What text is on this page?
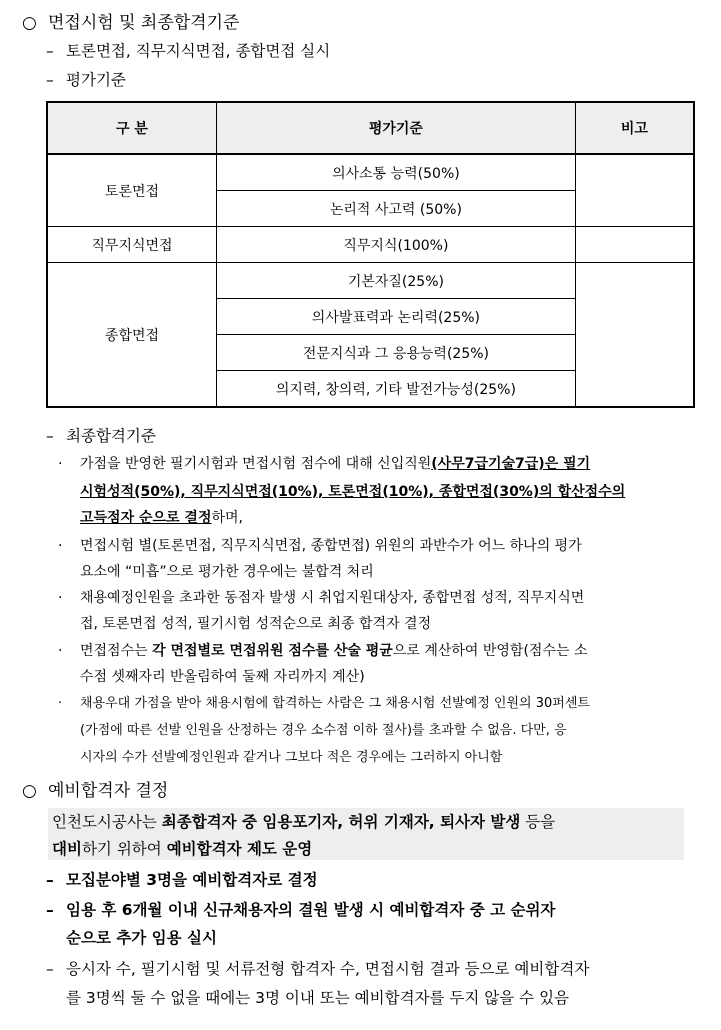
○ 면접시험 및 최종합격기준
– 토론면접, 직무지식면접, 종합면접 실시
– 평가기준
구 분	평가기준	비고
토론면접	의사소통 능력(50%)	
	논리적 사고력 (50%)	
직무지식면접	직무지식(100%)	
종합면접	기본자질(25%)	
	의사발표력과 논리력(25%)	
	전문지식과 그 응용능력(25%)	
	의지력, 창의력, 기타 발전가능성(25%)	
– 최종합격기준
· 가점을 반영한 필기시험과 면접시험 점수에 대해 신입직원(사무7급기술7급)은 필기
시험성적(50%), 직무지식면접(10%), 토론면접(10%), 종합면접(30%)의 합산점수의
고득점자 순으로 결정하며,
· 면접시험 별(토론면접, 직무지식면접, 종합면접) 위원의 과반수가 어느 하나의 평가
요소에 “미흡”으로 평가한 경우에는 불합격 처리
· 채용예정인원을 초과한 동점자 발생 시 취업지원대상자, 종합면접 성적, 직무지식면
접, 토론면접 성적, 필기시험 성적순으로 최종 합격자 결정
· 면접점수는 각 면접별로 면접위원 점수를 산술 평균으로 계산하여 반영함(점수는 소
수점 셋째자리 반올림하여 둘째 자리까지 계산)
· 채용우대 가점을 받아 채용시험에 합격하는 사람은 그 채용시험 선발예정 인원의 30퍼센트
(가점에 따른 선발 인원을 산정하는 경우 소수점 이하 절사)를 초과할 수 없음. 다만, 응
시자의 수가 선발예정인원과 같거나 그보다 적은 경우에는 그러하지 아니함
○ 예비합격자 결정
인천도시공사는 최종합격자 중 임용포기자, 허위 기재자, 퇴사자 발생 등을
대비하기 위하여 예비합격자 제도 운영
– 모집분야별 3명을 예비합격자로 결정
– 임용 후 6개월 이내 신규채용자의 결원 발생 시 예비합격자 중 고 순위자
순으로 추가 임용 실시
– 응시자 수, 필기시험 및 서류전형 합격자 수, 면접시험 결과 등으로 예비합격자
를 3명씩 둘 수 없을 때에는 3명 이내 또는 예비합격자를 두지 않을 수 있음
